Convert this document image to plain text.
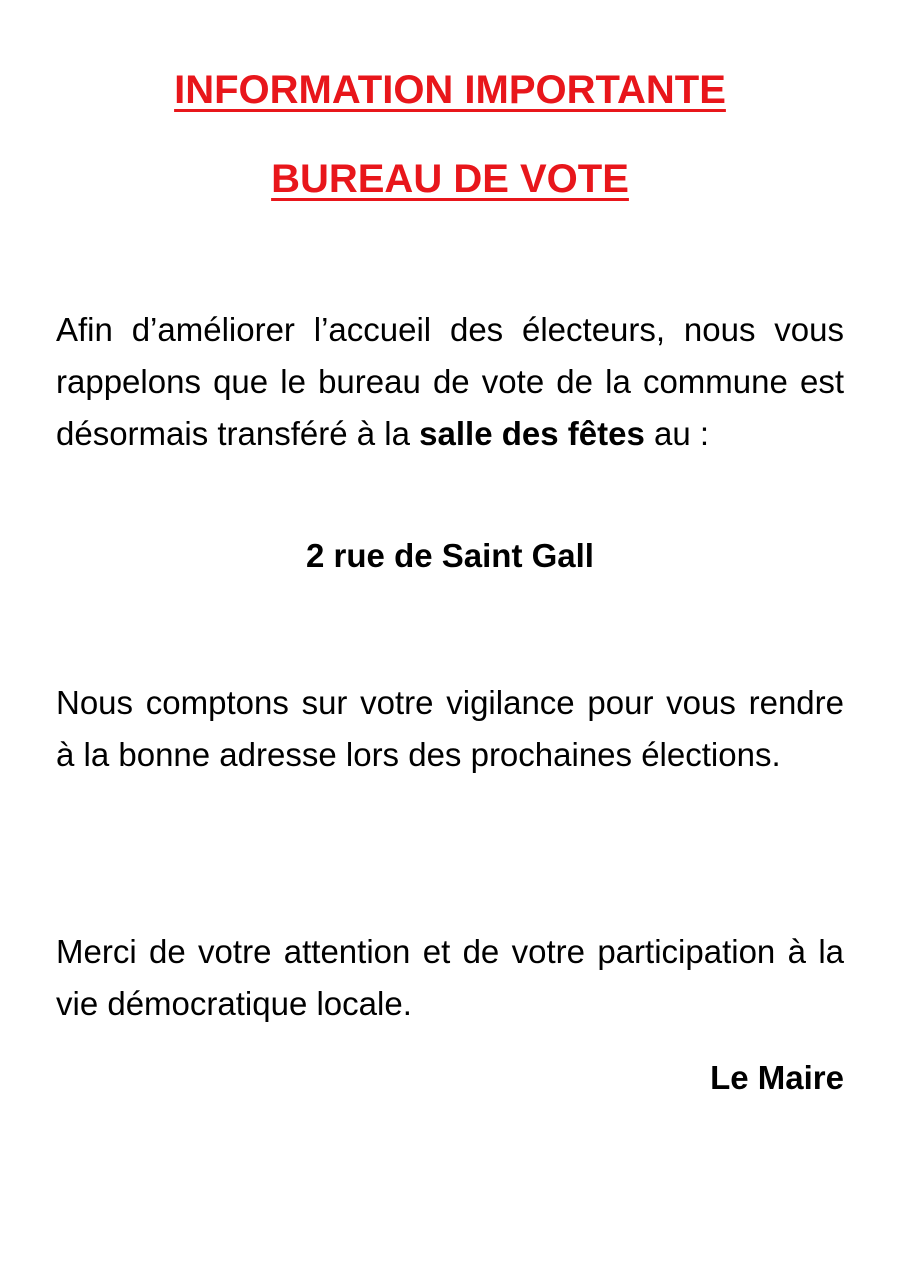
INFORMATION IMPORTANTE
BUREAU DE VOTE

Afin d’améliorer l’accueil des électeurs, nous vous rappelons que le bureau de vote de la commune est désormais transféré à la salle des fêtes au :

2 rue de Saint Gall

Nous comptons sur votre vigilance pour vous rendre à la bonne adresse lors des prochaines élections.

Merci de votre attention et de votre participation à la vie démocratique locale.

Le Maire
